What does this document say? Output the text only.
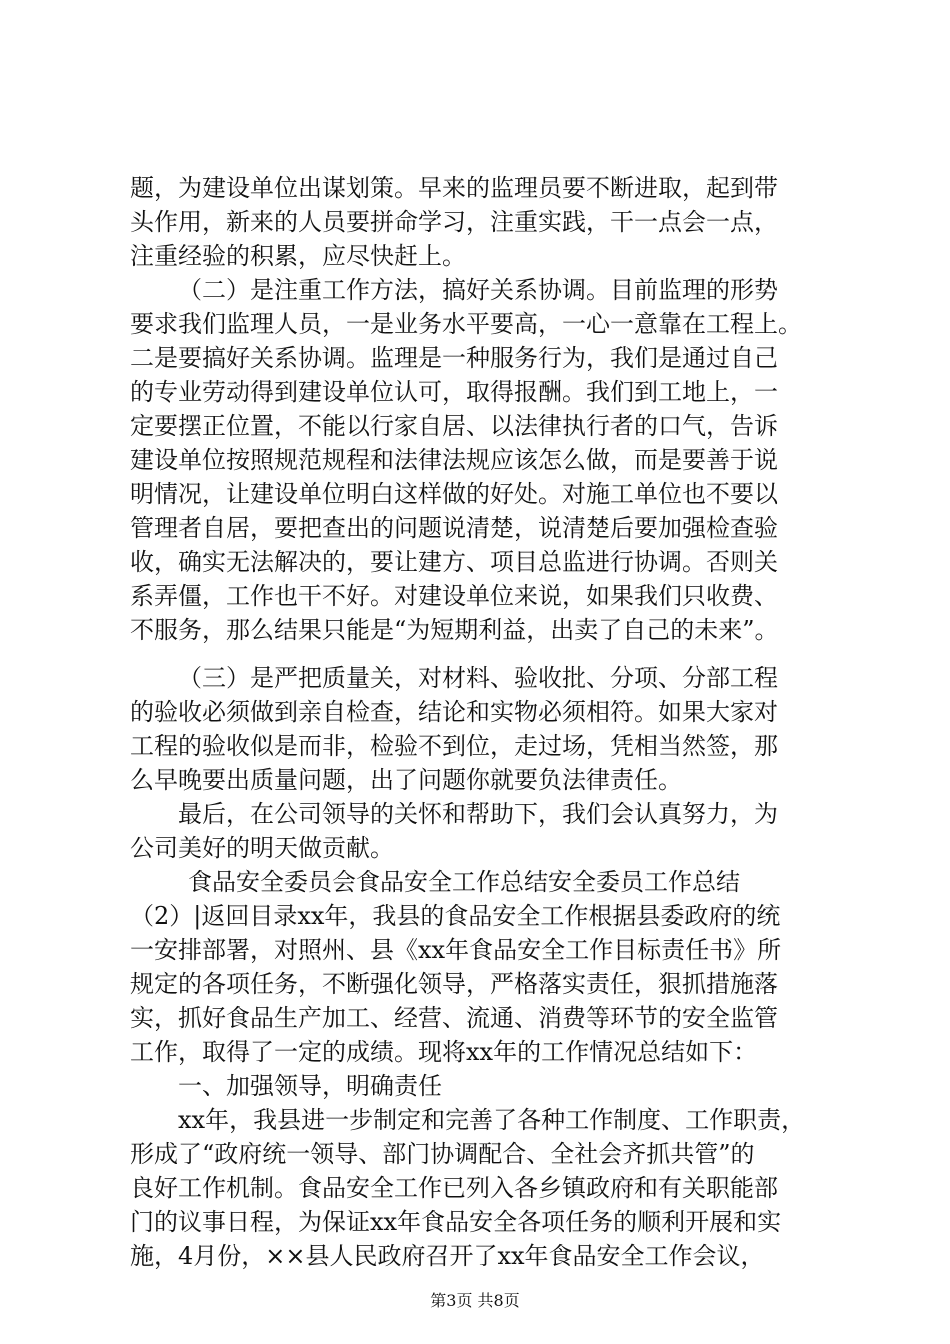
题，为建设单位出谋划策。早来的监理员要不断进取，起到带
头作用，新来的人员要拼命学习，注重实践，干一点会一点，
注重经验的积累，应尽快赶上。
（二）是注重工作方法，搞好关系协调。目前监理的形势
要求我们监理人员，一是业务水平要高，一心一意靠在工程上。
二是要搞好关系协调。监理是一种服务行为，我们是通过自己
的专业劳动得到建设单位认可，取得报酬。我们到工地上，一
定要摆正位置，不能以行家自居、以法律执行者的口气，告诉
建设单位按照规范规程和法律法规应该怎么做，而是要善于说
明情况，让建设单位明白这样做的好处。对施工单位也不要以
管理者自居，要把查出的问题说清楚，说清楚后要加强检查验
收，确实无法解决的，要让建方、项目总监进行协调。否则关
系弄僵，工作也干不好。对建设单位来说，如果我们只收费、
不服务，那么结果只能是“为短期利益，出卖了自己的未来”。
（三）是严把质量关，对材料、验收批、分项、分部工程
的验收必须做到亲自检查，结论和实物必须相符。如果大家对
工程的验收似是而非，检验不到位，走过场，凭相当然签，那
么早晚要出质量问题，出了问题你就要负法律责任。
最后，在公司领导的关怀和帮助下，我们会认真努力，为
公司美好的明天做贡献。
食品安全委员会食品安全工作总结安全委员工作总结
（2）|返回目录xx年，我县的食品安全工作根据县委政府的统
一安排部署，对照州、县《xx年食品安全工作目标责任书》所
规定的各项任务，不断强化领导，严格落实责任，狠抓措施落
实，抓好食品生产加工、经营、流通、消费等环节的安全监管
工作，取得了一定的成绩。现将xx年的工作情况总结如下：
一、加强领导，明确责任
xx年，我县进一步制定和完善了各种工作制度、工作职责，
形成了“政府统一领导、部门协调配合、全社会齐抓共管”的
良好工作机制。食品安全工作已列入各乡镇政府和有关职能部
门的议事日程，为保证xx年食品安全各项任务的顺利开展和实
施，4月份，××县人民政府召开了xx年食品安全工作会议，
第3页 共8页
